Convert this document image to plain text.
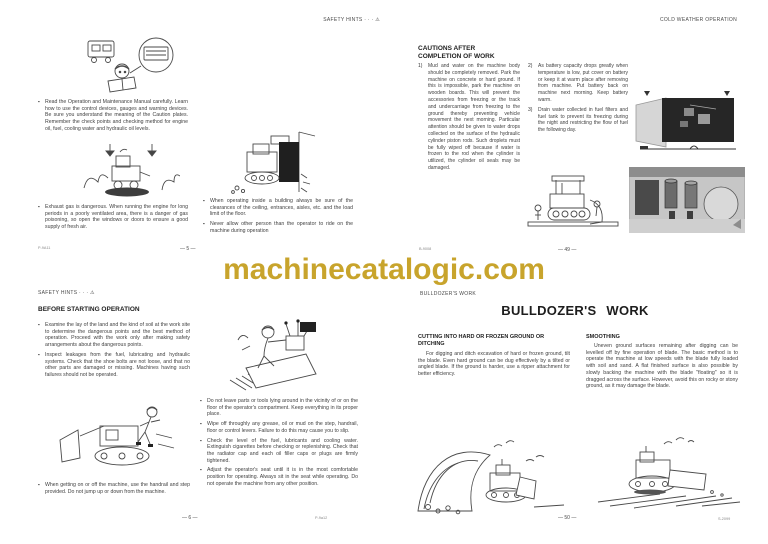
SAFETY HINTS · · · ⚠
▪	Read the Operation and Maintenance Manual carefully. Learn how to use the control devices, gauges and warning devices. Be sure you understand the meaning of the Caution plates. Remember the check points and checking method for engine oil, fuel, cooling water and hydraulic oil levels.
▪	Exhaust gas is dangerous. When running the engine for long periods in a poorly ventilated area, there is a danger of gas poisoning, so open the windows or doors to ensure a good supply of fresh air.
▪	When operating inside a building always be sure of the clearances of the ceiling, entrances, aisles, etc. and the load limit of the floor.
▪	Never allow other person than the operator to ride on the machine during operation
P-9A11	— 5 —
COLD WEATHER OPERATION
CAUTIONS AFTER
COMPLETION OF WORK
1)	Mud and water on the machine body should be completely removed. Park the machine on concrete or hard ground. If this is impossible, park the machine on wooden boards. This will prevent the accessories from freezing or the track and undercarriage from freezing to the ground thereby preventing vehicle movement the next morning. Particular attention should be given to water drops collected on the surface of the hydraulic cylinder piston rods. Such droplets must be fully wiped off because if water is frozen to the rod when the cylinder is utilized, the cylinder oil seals may be damaged.
2)	As battery capacity drops greatly when temperature is low, put cover on battery or keep it at warm place after removing from machine. Put battery back on machine next morning. Keep battery warm.
3)	Drain water collected in fuel filters and fuel tank to prevent its freezing during the night and restricting the flow of fuel the following day.
B-9008	— 49 —
machinecatalogic.com
SAFETY HINTS · · · ⚠
BEFORE STARTING OPERATION
▪	Examine the lay of the land and the kind of soil at the work site to determine the dangerous points and the best method of operation. Proceed with the work only after making safety arrangements about the dangerous points.
▪	Inspect leakages from the fuel, lubricating and hydraulic systems. Check that the shoe bolts are not loose, and that no other parts are damaged or missing. Machines having such failures should not be operated.
▪	When getting on or off the machine, use the handrail and step provided. Do not jump up or down from the machine.
▪	Do not leave parts or tools lying around in the vicinity of or on the floor of the operator's compartment. Keep everything in its proper place.
▪	Wipe off throughly any grease, oil or mud on the step, handrail, floor or control levers. Failure to do this may cause you to slip.
▪	Check the level of the fuel, lubricants and cooling water. Extinguish cigarettes before checking or replenishing. Check that the radiator cap and each oil filler caps or plugs are firmly tightened.
▪	Adjust the operator's seat until it is in the most comfortable position for operating. Always sit in the seat while operating. Do not operate the machine from any other position.
— 6 —	P-9a12
BULLDOZER'S WORK
BULLDOZER'S WORK
CUTTING INTO HARD OR FROZEN GROUND OR DITCHING
For digging and ditch excavation of hard or frozen ground, tilt the blade. Even hard ground can be dug effectively by a tilted or angled blade. If the ground is harder, use a ripper attachment for better efficiency.
SMOOTHING
Uneven ground surfaces remaining after digging can be levelled off by fine operation of blade. The basic method is to operate the machine at low speeds with the blade fully loaded with soil and sand. A flat finished surface is also possible by slowly backing the machine with the blade "floating" so it is dragged across the surface. However, avoid this on rocky or stony ground, as it may damage the blade.
— 50 —	S-2099
